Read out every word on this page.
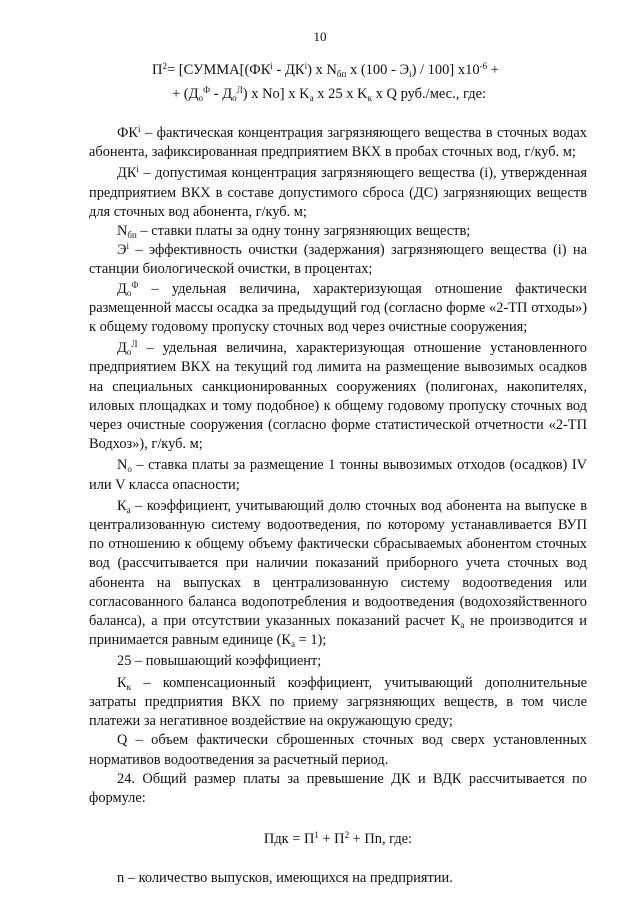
10
$П^2=$ [$СУММА[(ФК^i - ДК^i)$ x $N_{бп}$ x $(100 - Э_i) / 100$] $x10^{-6}$ +
+ $(Д_о^Ф - Д_о^Л)$ x Nо] x $K_а$ x 25 x $K_к$ x Q руб./мес., где:

$ФК^i$ – фактическая концентрация загрязняющего вещества в сточных водах абонента, зафиксированная предприятием ВКХ в пробах сточных вод, г/куб. м;

$ДК^i$ – допустимая концентрация загрязняющего вещества (i), утвержденная предприятием ВКХ в составе допустимого сброса (ДС) загрязняющих веществ для сточных вод абонента, г/куб. м;

$N_{бп}$ – ставки платы за одну тонну загрязняющих веществ;

$Э^i$ – эффективность очистки (задержания) загрязняющего вещества (i) на станции биологической очистки, в процентах;

$Д_о^Ф$ – удельная величина, характеризующая отношение фактически размещенной массы осадка за предыдущий год (согласно форме «2-ТП отходы») к общему годовому пропуску сточных вод через очистные сооружения;

$Д_о^Л$ – удельная величина, характеризующая отношение установленного предприятием ВКХ на текущий год лимита на размещение вывозимых осадков на специальных санкционированных сооружениях (полигонах, накопителях, иловых площадках и тому подобное) к общему годовому пропуску сточных вод через очистные сооружения (согласно форме статистической отчетности «2-ТП Водхоз»), г/куб. м;

$N_о$ – ставка платы за размещение 1 тонны вывозимых отходов (осадков) IV или V класса опасности;

$К_а$ – коэффициент, учитывающий долю сточных вод абонента на выпуске в централизованную систему водоотведения, по которому устанавливается ВУП по отношению к общему объему фактически сбрасываемых абонентом сточных вод (рассчитывается при наличии показаний приборного учета сточных вод абонента на выпусках в централизованную систему водоотведения или согласованного баланса водопотребления и водоотведения (водохозяйственного баланса), а при отсутствии указанных показаний расчет $К_а$ не производится и принимается равным единице $(К_а = 1)$;

25 – повышающий коэффициент;

$К_к$ – компенсационный коэффициент, учитывающий дополнительные затраты предприятия ВКХ по приему загрязняющих веществ, в том числе платежи за негативное воздействие на окружающую среду;

Q – объем фактически сброшенных сточных вод сверх установленных нормативов водоотведения за расчетный период.

24. Общий размер платы за превышение ДК и ВДК рассчитывается по формуле:

Пдк = $П^1 + П^2$ + Пn, где:

n – количество выпусков, имеющихся на предприятии.
